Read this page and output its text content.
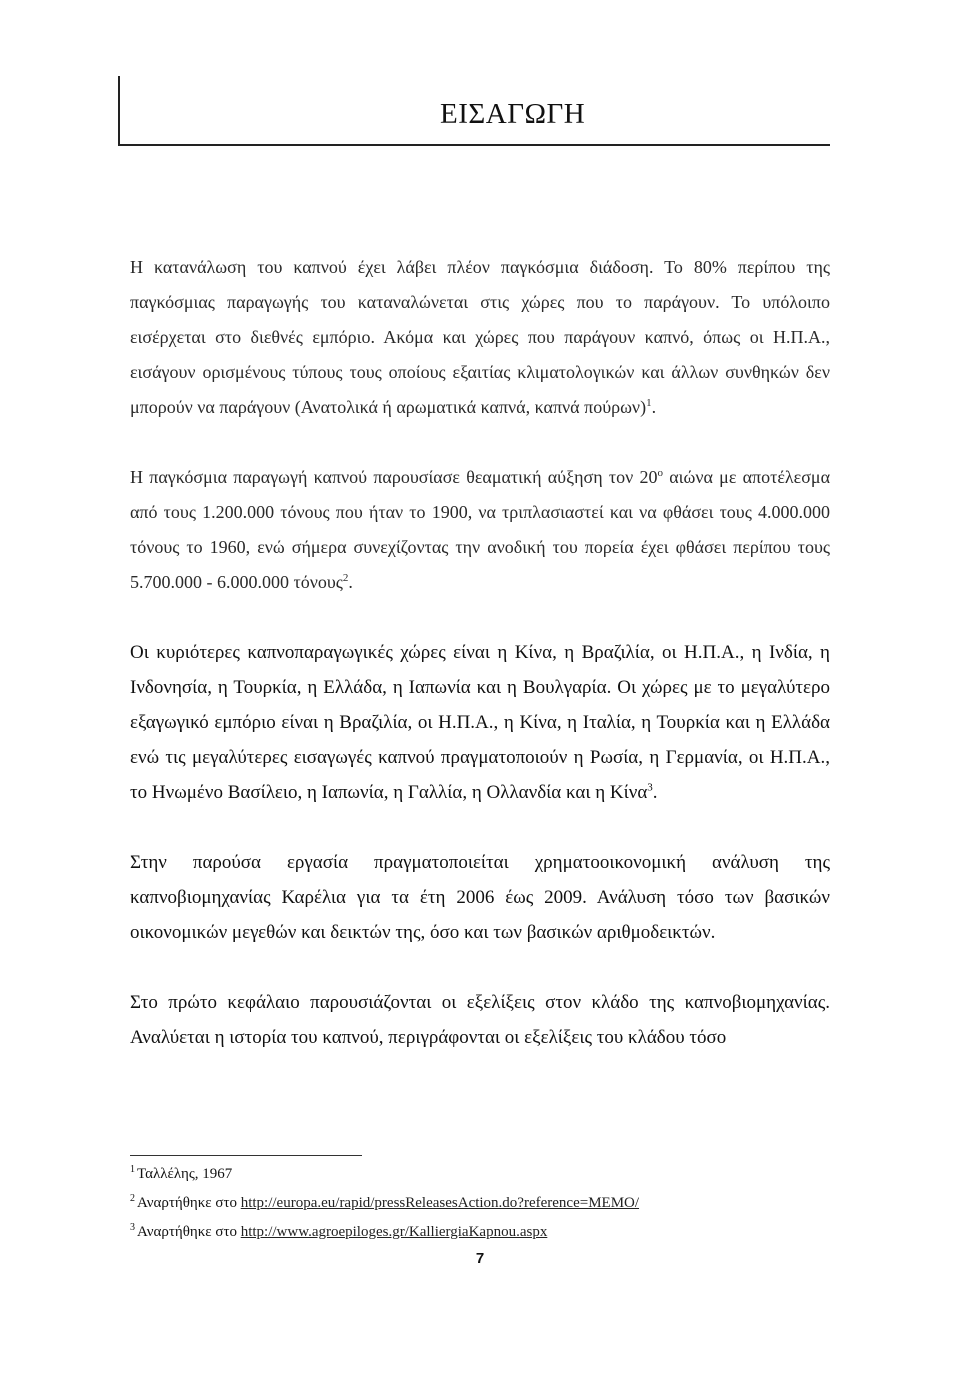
ΕΙΣΑΓΩΓΗ

Η κατανάλωση του καπνού έχει λάβει πλέον παγκόσμια διάδοση. Το 80% περίπου της παγκόσμιας παραγωγής του καταναλώνεται στις χώρες που το παράγουν. Το υπόλοιπο εισέρχεται στο διεθνές εμπόριο. Ακόμα και χώρες που παράγουν καπνό, όπως οι Η.Π.Α., εισάγουν ορισμένους τύπους τους οποίους εξαιτίας κλιματολογικών και άλλων συνθηκών δεν μπορούν να παράγουν (Ανατολικά ή αρωματικά καπνά, καπνά πούρων)$^1$.

Η παγκόσμια παραγωγή καπνού παρουσίασε θεαματική αύξηση τον $20^o$ αιώνα με αποτέλεσμα από τους 1.200.000 τόνους που ήταν το 1900, να τριπλασιαστεί και να φθάσει τους 4.000.000 τόνους το 1960, ενώ σήμερα συνεχίζοντας την ανοδική του πορεία έχει φθάσει περίπου τους 5.700.000 - 6.000.000 τόνους$^2$.

Οι κυριότερες καπνοπαραγωγικές χώρες είναι η Κίνα, η Βραζιλία, οι Η.Π.Α., η Ινδία, η Ινδονησία, η Τουρκία, η Ελλάδα, η Ιαπωνία και η Βουλγαρία. Οι χώρες με το μεγαλύτερο εξαγωγικό εμπόριο είναι η Βραζιλία, οι Η.Π.Α., η Κίνα, η Ιταλία, η Τουρκία και η Ελλάδα ενώ τις μεγαλύτερες εισαγωγές καπνού πραγματοποιούν η Ρωσία, η Γερμανία, οι Η.Π.Α., το Ηνωμένο Βασίλειο, η Ιαπωνία, η Γαλλία, η Ολλανδία και η Κίνα$^3$.

Στην παρούσα εργασία πραγματοποιείται χρηματοοικονομική ανάλυση της καπνοβιομηχανίας Καρέλια για τα έτη 2006 έως 2009. Ανάλυση τόσο των βασικών οικονομικών μεγεθών και δεικτών της, όσο και των βασικών αριθμοδεικτών.

Στο πρώτο κεφάλαιο παρουσιάζονται οι εξελίξεις στον κλάδο της καπνοβιομηχανίας. Αναλύεται η ιστορία του καπνού, περιγράφονται οι εξελίξεις του κλάδου τόσο

$^1$ Ταλλέλης, 1967

$^2$ Αναρτήθηκε στο http://europa.eu/rapid/pressReleasesAction.do?reference=MEMO/

$^3$ Αναρτήθηκε στο http://www.agroepiloges.gr/KalliergiaKapnou.aspx

7
